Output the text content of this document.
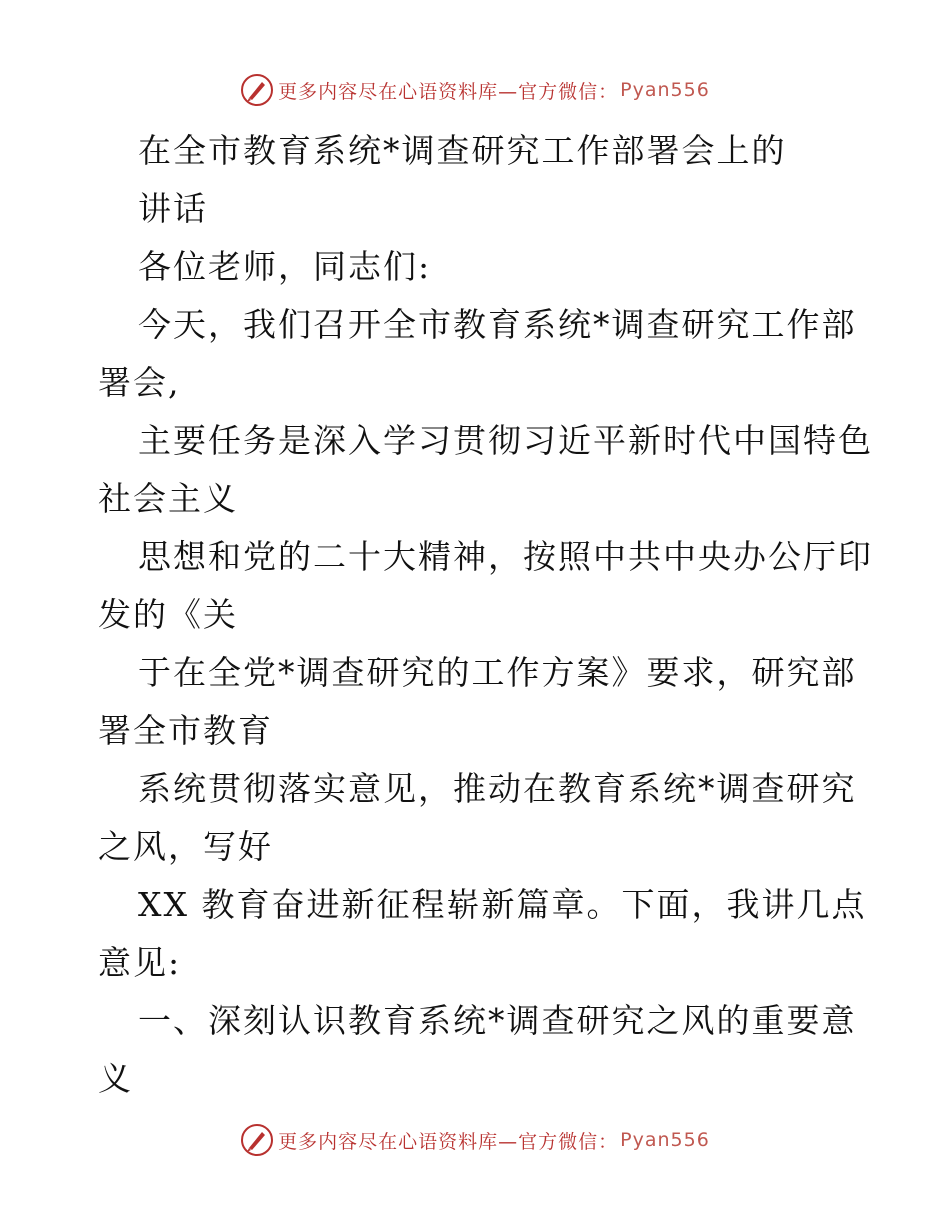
更多内容尽在心语资料库—官方微信： Pyan556
在全市教育系统*调查研究工作部署会上的
讲话
各位老师，同志们:
今天，我们召开全市教育系统*调查研究工作部
署会,
主要任务是深入学习贯彻习近平新时代中国特色
社会主义
思想和党的二十大精神，按照中共中央办公厅印
发的《关
于在全党*调查研究的工作方案》要求，研究部
署全市教育
系统贯彻落实意见，推动在教育系统*调查研究
之风，写好
XX 教育奋进新征程崭新篇章。下面，我讲几点
意见:
一、深刻认识教育系统*调查研究之风的重要意
义
更多内容尽在心语资料库—官方微信： Pyan556
